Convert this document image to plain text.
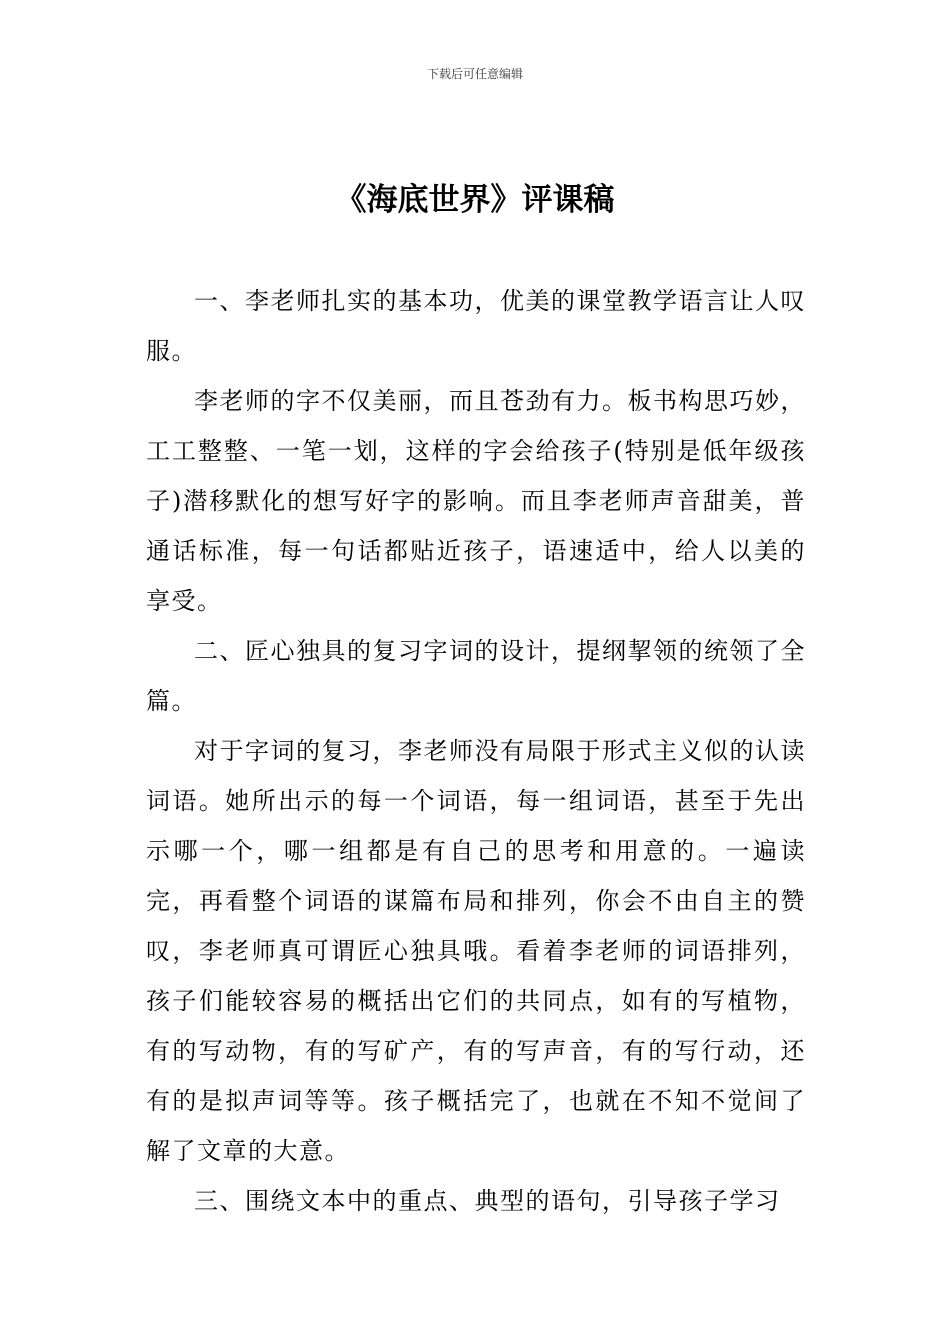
下载后可任意编辑
《海底世界》评课稿

一、李老师扎实的基本功，优美的课堂教学语言让人叹服。

李老师的字不仅美丽，而且苍劲有力。板书构思巧妙，工工整整、一笔一划，这样的字会给孩子(特别是低年级孩子)潜移默化的想写好字的影响。而且李老师声音甜美，普通话标准，每一句话都贴近孩子，语速适中，给人以美的享受。

二、匠心独具的复习字词的设计，提纲挈领的统领了全篇。

对于字词的复习，李老师没有局限于形式主义似的认读词语。她所出示的每一个词语，每一组词语，甚至于先出示哪一个，哪一组都是有自己的思考和用意的。一遍读完，再看整个词语的谋篇布局和排列，你会不由自主的赞叹，李老师真可谓匠心独具哦。看着李老师的词语排列，孩子们能较容易的概括出它们的共同点，如有的写植物，有的写动物，有的写矿产，有的写声音，有的写行动，还有的是拟声词等等。孩子概括完了，也就在不知不觉间了解了文章的大意。

三、围绕文本中的重点、典型的语句，引导孩子学习
